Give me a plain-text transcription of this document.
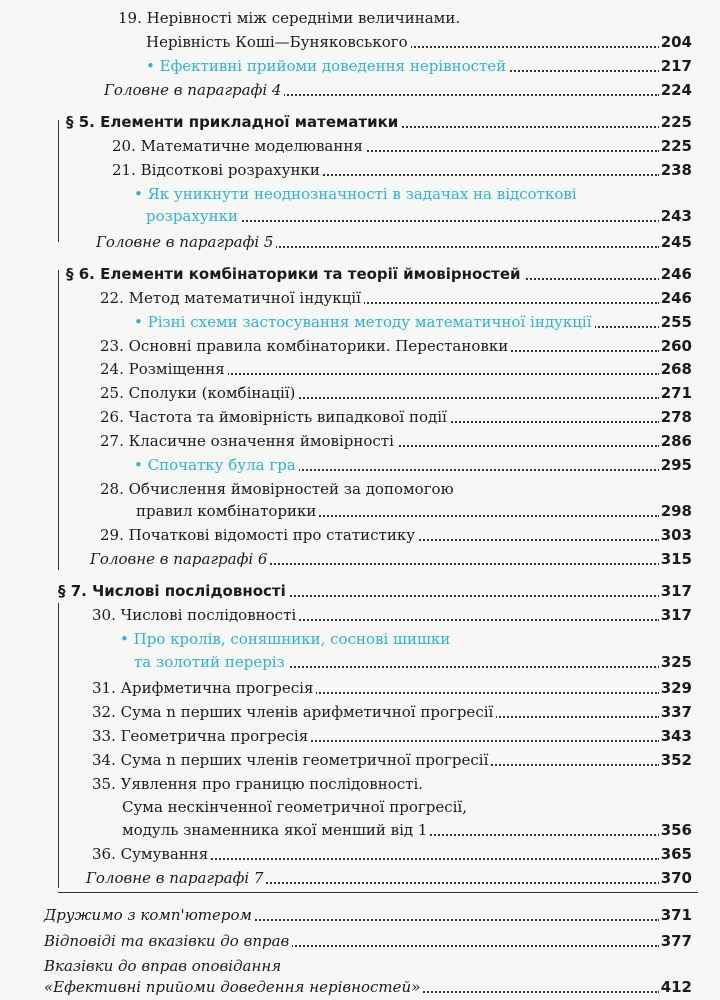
19. Нерівності між середніми величинами.
Нерівність Коші—Буняковського	204
• Ефективні прийоми доведення нерівностей	217
Головне в параграфі 4	224
§ 5. Елементи прикладної математики	225
20. Математичне моделювання	225
21. Відсоткові розрахунки	238
• Як уникнути неоднозначності в задачах на відсоткові
розрахунки	243
Головне в параграфі 5	245
§ 6. Елементи комбінаторики та теорії ймовірностей	246
22. Метод математичної індукції	246
• Різні схеми застосування методу математичної індукції	255
23. Основні правила комбінаторики. Перестановки	260
24. Розміщення	268
25. Сполуки (комбінації)	271
26. Частота та ймовірність випадкової події	278
27. Класичне означення ймовірності	286
• Спочатку була гра	295
28. Обчислення ймовірностей за допомогою
правил комбінаторики	298
29. Початкові відомості про статистику	303
Головне в параграфі 6	315
§ 7. Числові послідовності	317
30. Числові послідовності	317
• Про кролів, соняшники, соснові шишки
та золотий переріз	325
31. Арифметична прогресія	329
32. Сума n перших членів арифметичної прогресії	337
33. Геометрична прогресія	343
34. Сума n перших членів геометричної прогресії	352
35. Уявлення про границю послідовності.
Сума нескінченної геометричної прогресії,
модуль знаменника якої менший від 1	356
36. Сумування	365
Головне в параграфі 7	370
Дружимо з комп'ютером	371
Відповіді та вказівки до вправ	377
Вказівки до вправ оповідання
«Ефективні прийоми доведення нерівностей»	412
